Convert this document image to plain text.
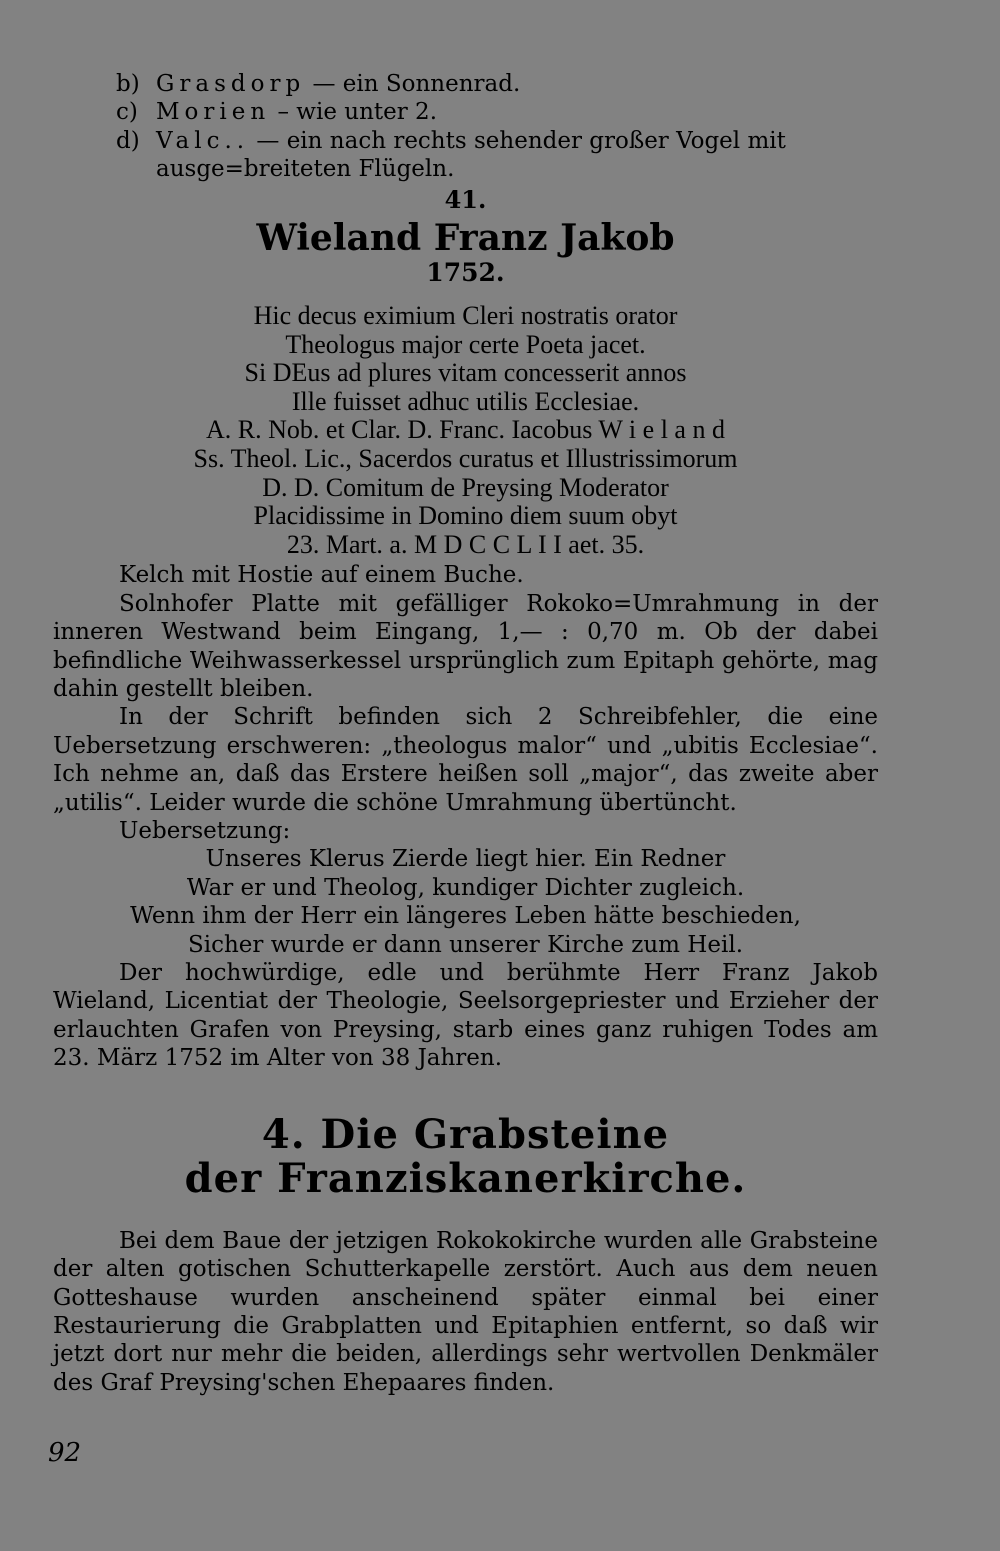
b) Grasdorp — ein Sonnenrad.
c) Morien – wie unter 2.
d) Valc.. — ein nach rechts sehender großer Vogel mit ausge=breiteten Flügeln.
41.
Wieland Franz Jakob
1752.
Hic decus eximium Cleri nostratis orator
Theologus major certe Poeta jacet.
Si DEus ad plures vitam concesserit annos
Ille fuisset adhuc utilis Ecclesiae.
A. R. Nob. et Clar. D. Franc. Iacobus W i e l a n d
Ss. Theol. Lic., Sacerdos curatus et Illustrissimorum
D. D. Comitum de Preysing Moderator
Placidissime in Domino diem suum obyt
23. Mart. a. M D C C L I I aet. 35.
Kelch mit Hostie auf einem Buche.
Solnhofer Platte mit gefälliger Rokoko=Umrahmung in der inneren Westwand beim Eingang, 1,— : 0,70 m. Ob der dabei befindliche Weihwasserkessel ursprünglich zum Epitaph gehörte, mag dahin gestellt bleiben.
In der Schrift befinden sich 2 Schreibfehler, die eine Uebersetzung erschweren: „theologus malor“ und „ubitis Ecclesiae“. Ich nehme an, daß das Erstere heißen soll „major“, das zweite aber „utilis“. Leider wurde die schöne Umrahmung übertüncht.
Uebersetzung:
Unseres Klerus Zierde liegt hier. Ein Redner
War er und Theolog, kundiger Dichter zugleich.
Wenn ihm der Herr ein längeres Leben hätte beschieden,
Sicher wurde er dann unserer Kirche zum Heil.
Der hochwürdige, edle und berühmte Herr Franz Jakob Wieland, Licentiat der Theologie, Seelsorgepriester und Erzieher der erlauchten Grafen von Preysing, starb eines ganz ruhigen Todes am 23. März 1752 im Alter von 38 Jahren.
4. Die Grabsteine
der Franziskanerkirche.
Bei dem Baue der jetzigen Rokokokirche wurden alle Grabsteine der alten gotischen Schutterkapelle zerstört. Auch aus dem neuen Gotteshause wurden anscheinend später einmal bei einer Restaurierung die Grabplatten und Epitaphien entfernt, so daß wir jetzt dort nur mehr die beiden, allerdings sehr wertvollen Denkmäler des Graf Preysing'schen Ehepaares finden.
92
